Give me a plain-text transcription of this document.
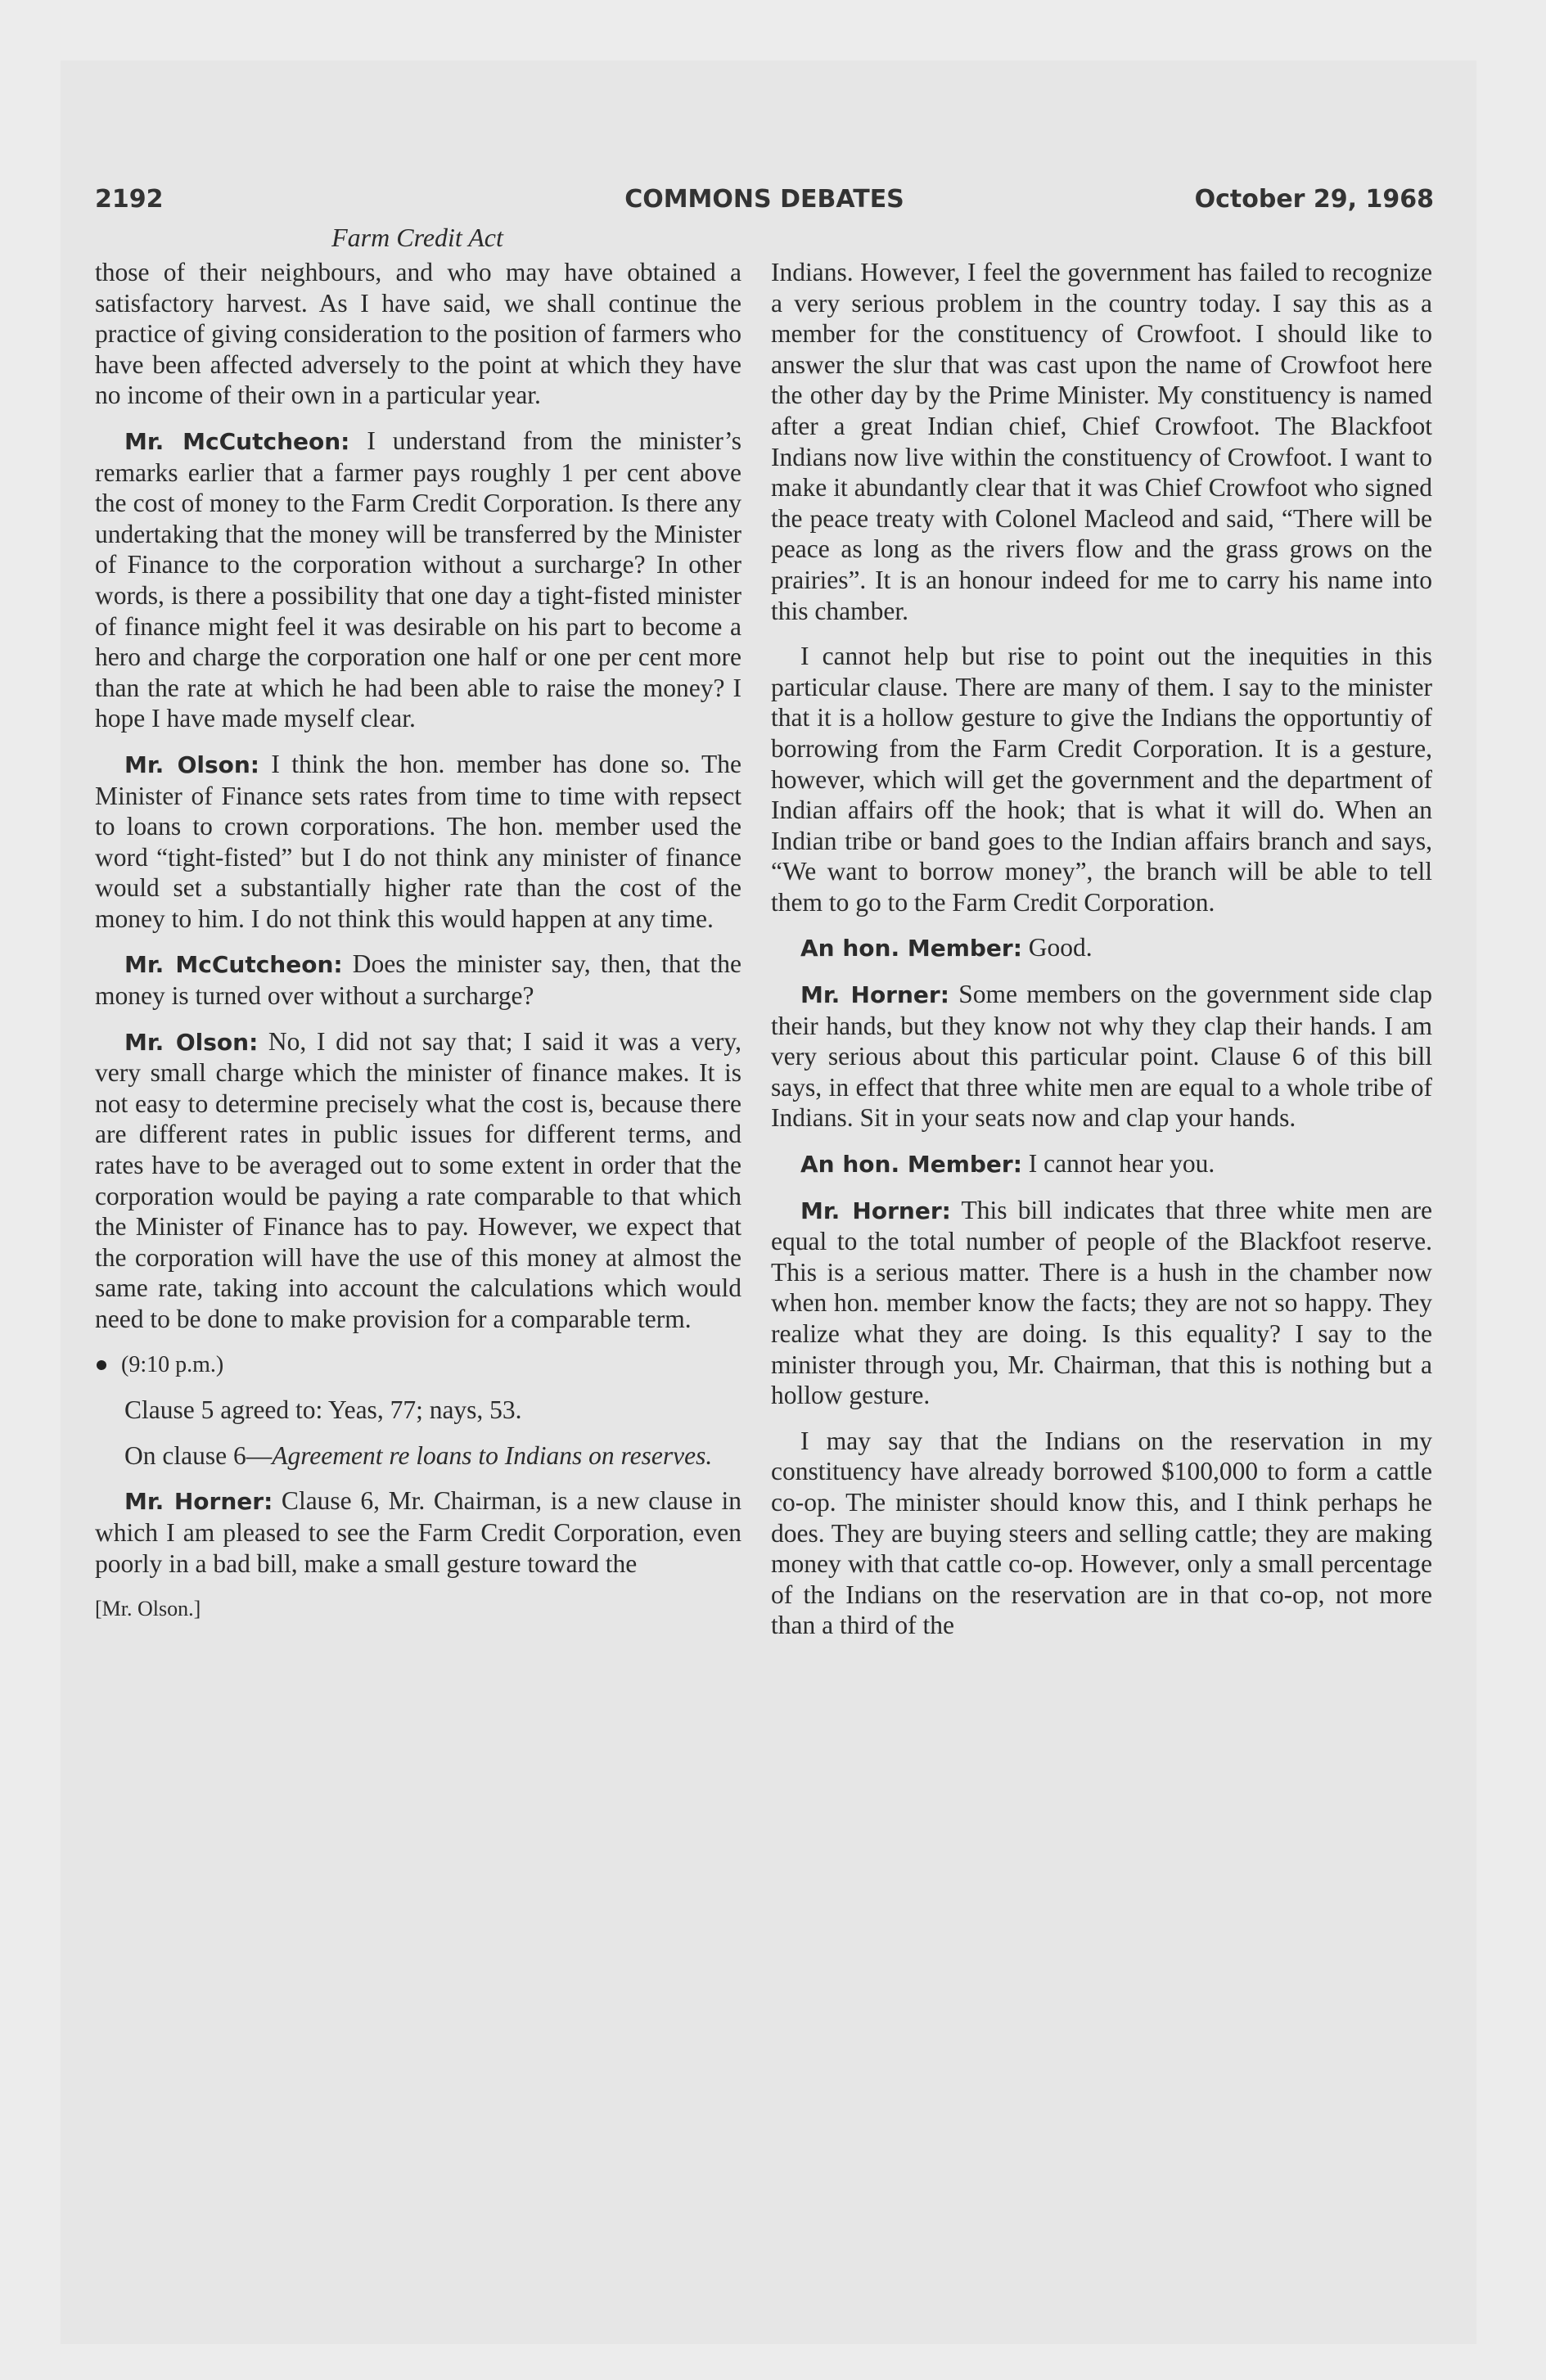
2192	COMMONS DEBATES	October 29, 1968
Farm Credit Act

those of their neighbours, and who may have obtained a satisfactory harvest. As I have said, we shall continue the practice of giving consideration to the position of farmers who have been affected adversely to the point at which they have no income of their own in a particular year.

Mr. McCutcheon: I understand from the minister’s remarks earlier that a farmer pays roughly 1 per cent above the cost of money to the Farm Credit Corporation. Is there any undertaking that the money will be transferred by the Minister of Finance to the corporation without a surcharge? In other words, is there a possibility that one day a tight-fisted minister of finance might feel it was desirable on his part to become a hero and charge the corporation one half or one per cent more than the rate at which he had been able to raise the money? I hope I have made myself clear.

Mr. Olson: I think the hon. member has done so. The Minister of Finance sets rates from time to time with repsect to loans to crown corporations. The hon. member used the word “tight-fisted” but I do not think any minister of finance would set a substantially higher rate than the cost of the money to him. I do not think this would happen at any time.

Mr. McCutcheon: Does the minister say, then, that the money is turned over without a surcharge?

Mr. Olson: No, I did not say that; I said it was a very, very small charge which the minister of finance makes. It is not easy to determine precisely what the cost is, because there are different rates in public issues for different terms, and rates have to be averaged out to some extent in order that the corporation would be paying a rate comparable to that which the Minister of Finance has to pay. However, we expect that the corporation will have the use of this money at almost the same rate, taking into account the calculations which would need to be done to make provision for a comparable term.

(9:10 p.m.)

Clause 5 agreed to: Yeas, 77; nays, 53.

On clause 6—Agreement re loans to Indians on reserves.

Mr. Horner: Clause 6, Mr. Chairman, is a new clause in which I am pleased to see the Farm Credit Corporation, even poorly in a bad bill, make a small gesture toward the

[Mr. Olson.]

Indians. However, I feel the government has failed to recognize a very serious problem in the country today. I say this as a member for the constituency of Crowfoot. I should like to answer the slur that was cast upon the name of Crowfoot here the other day by the Prime Minister. My constituency is named after a great Indian chief, Chief Crowfoot. The Blackfoot Indians now live within the constituency of Crowfoot. I want to make it abundantly clear that it was Chief Crowfoot who signed the peace treaty with Colonel Macleod and said, “There will be peace as long as the rivers flow and the grass grows on the prairies”. It is an honour indeed for me to carry his name into this chamber.

I cannot help but rise to point out the inequities in this particular clause. There are many of them. I say to the minister that it is a hollow gesture to give the Indians the opportuntiy of borrowing from the Farm Credit Corporation. It is a gesture, however, which will get the government and the department of Indian affairs off the hook; that is what it will do. When an Indian tribe or band goes to the Indian affairs branch and says, “We want to borrow money”, the branch will be able to tell them to go to the Farm Credit Corporation.

An hon. Member: Good.

Mr. Horner: Some members on the government side clap their hands, but they know not why they clap their hands. I am very serious about this particular point. Clause 6 of this bill says, in effect that three white men are equal to a whole tribe of Indians. Sit in your seats now and clap your hands.

An hon. Member: I cannot hear you.

Mr. Horner: This bill indicates that three white men are equal to the total number of people of the Blackfoot reserve. This is a serious matter. There is a hush in the chamber now when hon. member know the facts; they are not so happy. They realize what they are doing. Is this equality? I say to the minister through you, Mr. Chairman, that this is nothing but a hollow gesture.

I may say that the Indians on the reservation in my constituency have already borrowed $100,000 to form a cattle co-op. The minister should know this, and I think perhaps he does. They are buying steers and selling cattle; they are making money with that cattle co-op. However, only a small percentage of the Indians on the reservation are in that co-op, not more than a third of the
